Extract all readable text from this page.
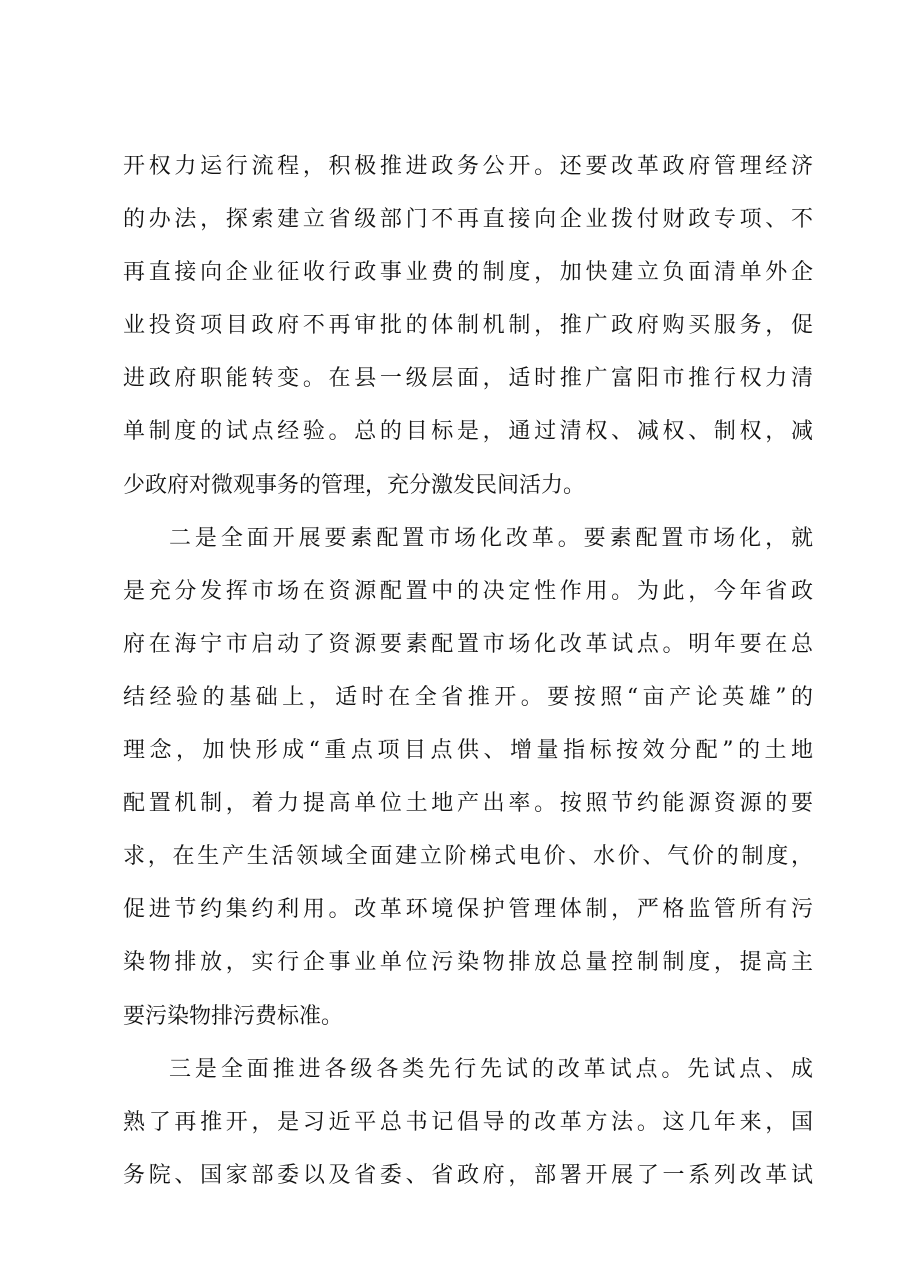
开权力运行流程，积极推进政务公开。还要改革政府管理经济
的办法，探索建立省级部门不再直接向企业拨付财政专项、不
再直接向企业征收行政事业费的制度，加快建立负面清单外企
业投资项目政府不再审批的体制机制，推广政府购买服务，促
进政府职能转变。在县一级层面，适时推广富阳市推行权力清
单制度的试点经验。总的目标是，通过清权、减权、制权，减
少政府对微观事务的管理，充分激发民间活力。
二是全面开展要素配置市场化改革。要素配置市场化，就
是充分发挥市场在资源配置中的决定性作用。为此，今年省政
府在海宁市启动了资源要素配置市场化改革试点。明年要在总
结经验的基础上，适时在全省推开。要按照“亩产论英雄”的
理念，加快形成“重点项目点供、增量指标按效分配”的土地
配置机制，着力提高单位土地产出率。按照节约能源资源的要
求，在生产生活领域全面建立阶梯式电价、水价、气价的制度，
促进节约集约利用。改革环境保护管理体制，严格监管所有污
染物排放，实行企事业单位污染物排放总量控制制度，提高主
要污染物排污费标准。
三是全面推进各级各类先行先试的改革试点。先试点、成
熟了再推开，是习近平总书记倡导的改革方法。这几年来，国
务院、国家部委以及省委、省政府，部署开展了一系列改革试
